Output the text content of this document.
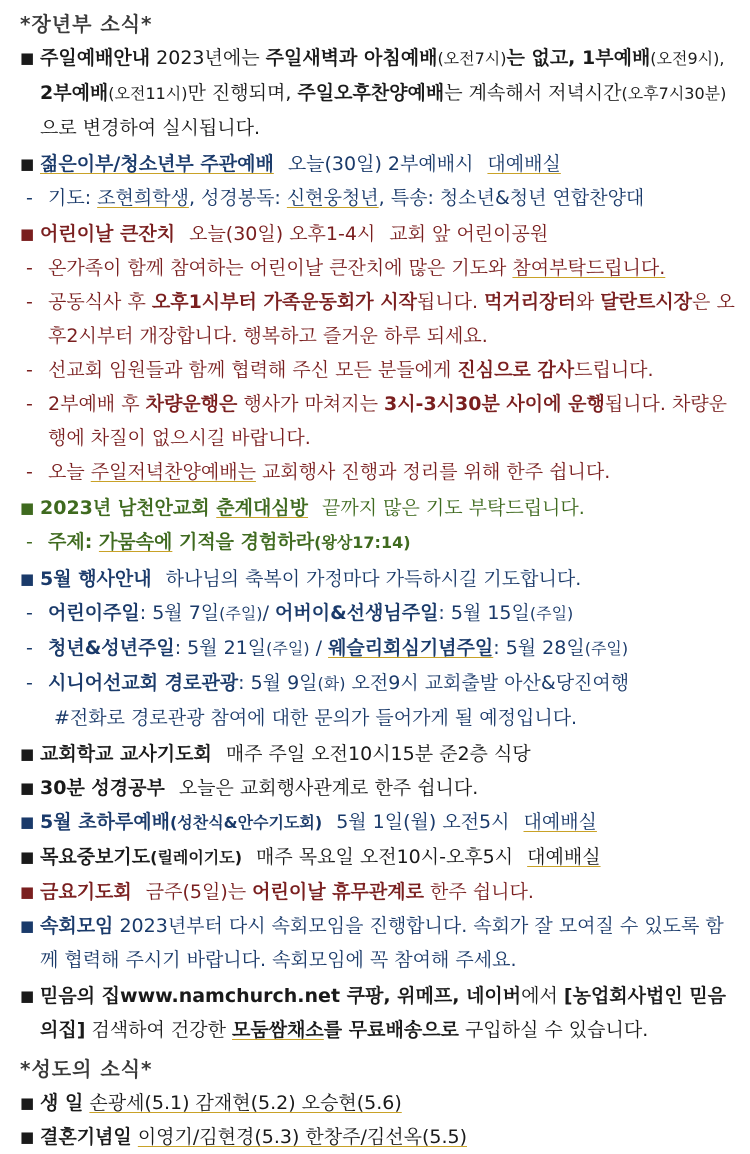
*장년부 소식*
■ 주일예배안내 2023년에는 주일새벽과 아침예배(오전7시)는 없고, 1부예배(오전9시), 2부예배(오전11시)만 진행되며, 주일오후찬양예배는 계속해서 저녁시간(오후7시30분)으로 변경하여 실시됩니다.
■ 젊은이부/청소년부 주관예배 오늘(30일) 2부예배시 대예배실
- 기도: 조현희학생, 성경봉독: 신현웅청년, 특송: 청소년&청년 연합찬양대
■ 어린이날 큰잔치 오늘(30일) 오후1-4시 교회 앞 어린이공원
- 온가족이 함께 참여하는 어린이날 큰잔치에 많은 기도와 참여부탁드립니다.
- 공동식사 후 오후1시부터 가족운동회가 시작됩니다. 먹거리장터와 달란트시장은 오후2시부터 개장합니다. 행복하고 즐거운 하루 되세요.
- 선교회 임원들과 함께 협력해 주신 모든 분들에게 진심으로 감사드립니다.
- 2부예배 후 차량운행은 행사가 마쳐지는 3시-3시30분 사이에 운행됩니다. 차량운행에 차질이 없으시길 바랍니다.
- 오늘 주일저녁찬양예배는 교회행사 진행과 정리를 위해 한주 쉽니다.
■ 2023년 남천안교회 춘계대심방 끝까지 많은 기도 부탁드립니다.
- 주제: 가뭄속에 기적을 경험하라(왕상17:14)
■ 5월 행사안내 하나님의 축복이 가정마다 가득하시길 기도합니다.
- 어린이주일: 5월 7일(주일)/ 어버이&선생님주일: 5월 15일(주일)
- 청년&성년주일: 5월 21일(주일) / 웨슬리회심기념주일: 5월 28일(주일)
- 시니어선교회 경로관광: 5월 9일(화) 오전9시 교회출발 아산&당진여행
#전화로 경로관광 참여에 대한 문의가 들어가게 될 예정입니다.
■ 교회학교 교사기도회 매주 주일 오전10시15분 준2층 식당
■ 30분 성경공부 오늘은 교회행사관계로 한주 쉽니다.
■ 5월 초하루예배(성찬식&안수기도회) 5월 1일(월) 오전5시 대예배실
■ 목요중보기도(릴레이기도) 매주 목요일 오전10시-오후5시 대예배실
■ 금요기도회 금주(5일)는 어린이날 휴무관계로 한주 쉽니다.
■ 속회모임 2023년부터 다시 속회모임을 진행합니다. 속회가 잘 모여질 수 있도록 함께 협력해 주시기 바랍니다. 속회모임에 꼭 참여해 주세요.
■ 믿음의 집www.namchurch.net 쿠팡, 위메프, 네이버에서 [농업회사법인 믿음의집] 검색하여 건강한 모둠쌈채소를 무료배송으로 구입하실 수 있습니다.
*성도의 소식*
■ 생 일 손광세(5.1) 감재현(5.2) 오승현(5.6)
■ 결혼기념일 이영기/김현경(5.3) 한창주/김선옥(5.5)
